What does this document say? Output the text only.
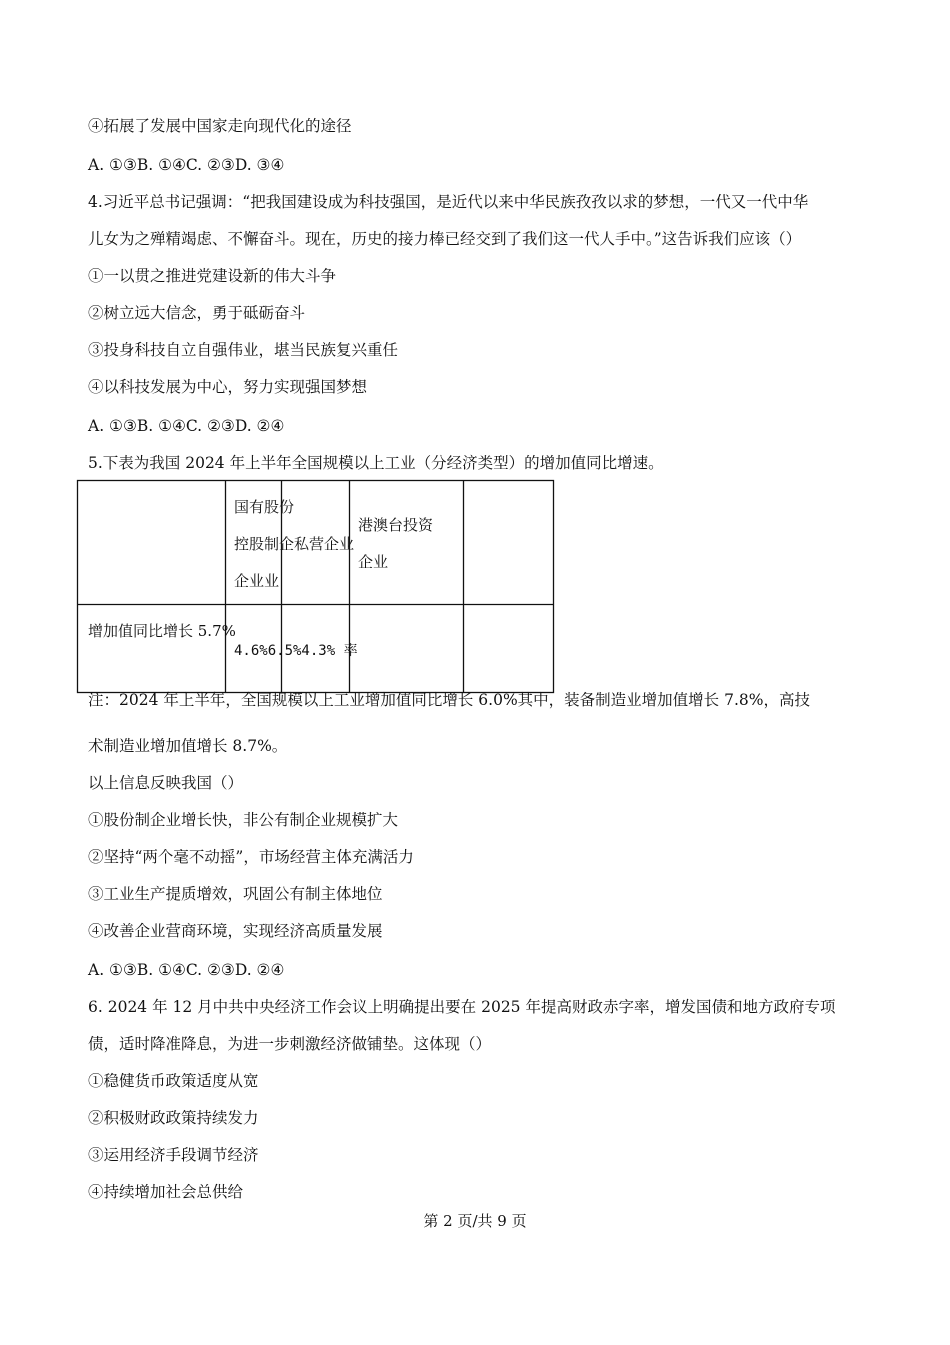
④拓展了发展中国家走向现代化的途径
A. ①③B. ①④C. ②③D. ③④
4.习近平总书记强调：“把我国建设成为科技强国，是近代以来中华民族孜孜以求的梦想，一代又一代中华
儿女为之殚精竭虑、不懈奋斗。现在，历史的接力棒已经交到了我们这一代人手中。”这告诉我们应该（）
①一以贯之推进党建设新的伟大斗争
②树立远大信念，勇于砥砺奋斗
③投身科技自立自强伟业，堪当民族复兴重任
④以科技发展为中心，努力实现强国梦想
A. ①③B. ①④C. ②③D. ②④
5.下表为我国 2024 年上半年全国规模以上工业（分经济类型）的增加值同比增速。
国有股份
控股制企私营企业
企业业
港澳台投资
企业
增加值同比增长 5.7%
4.6%6.5%4.3% 率
注：2024 年上半年，全国规模以上工业增加值同比增长 6.0%其中，装备制造业增加值增长 7.8%，高技
术制造业增加值增长 8.7%。
以上信息反映我国（）
①股份制企业增长快，非公有制企业规模扩大
②坚持“两个毫不动摇”，市场经营主体充满活力
③工业生产提质增效，巩固公有制主体地位
④改善企业营商环境，实现经济高质量发展
A. ①③B. ①④C. ②③D. ②④
6. 2024 年 12 月中共中央经济工作会议上明确提出要在 2025 年提高财政赤字率，增发国债和地方政府专项
债，适时降准降息，为进一步刺激经济做铺垫。这体现（）
①稳健货币政策适度从宽
②积极财政政策持续发力
③运用经济手段调节经济
④持续增加社会总供给
第 2 页/共 9 页
